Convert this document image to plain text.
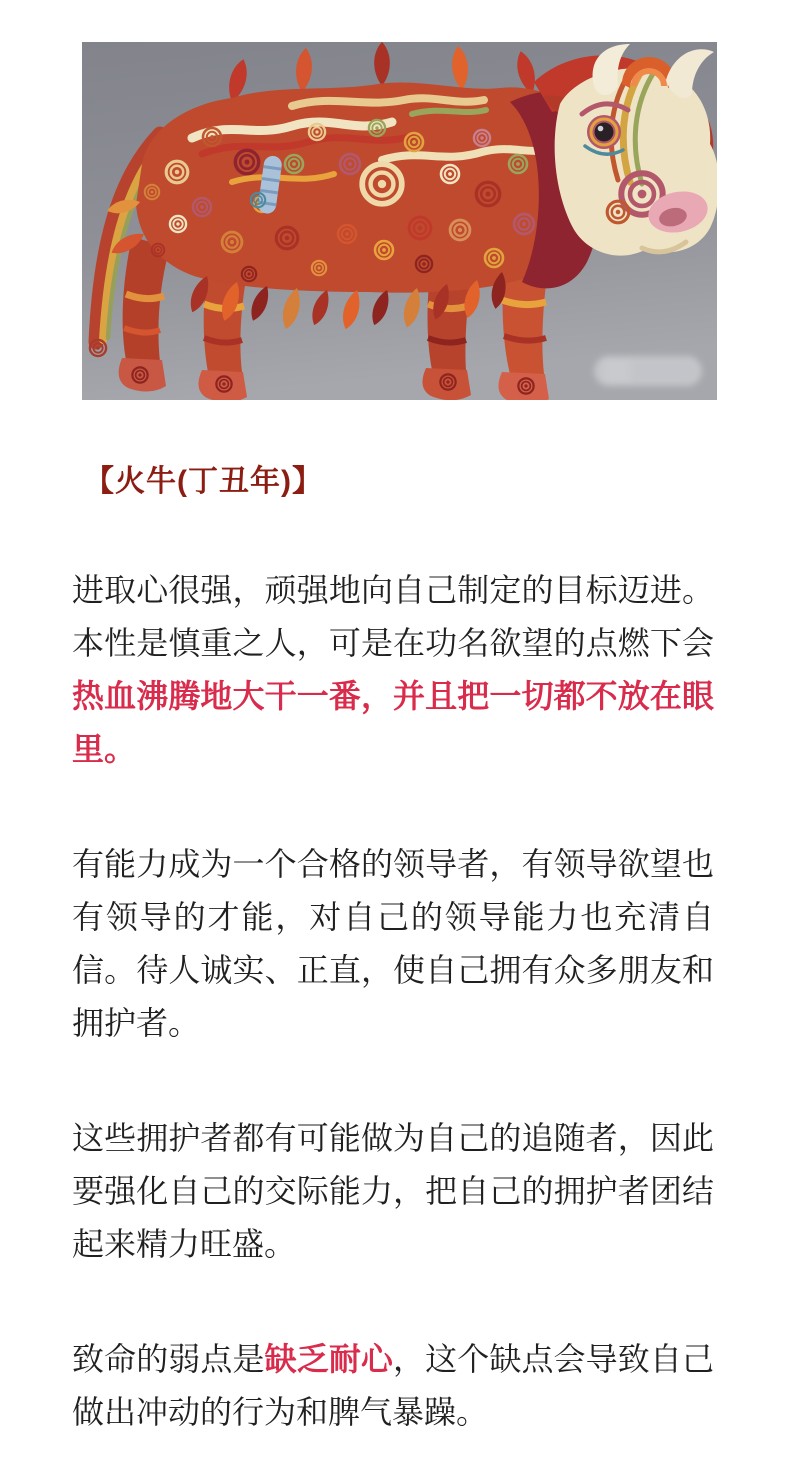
【火牛(丁丑年)】

进取心很强，顽强地向自己制定的目标迈进。本性是慎重之人，可是在功名欲望的点燃下会热血沸腾地大干一番，并且把一切都不放在眼里。

有能力成为一个合格的领导者，有领导欲望也有领导的才能，对自己的领导能力也充清自信。待人诚实、正直，使自己拥有众多朋友和拥护者。

这些拥护者都有可能做为自己的追随者，因此要强化自己的交际能力，把自己的拥护者团结起来精力旺盛。

致命的弱点是缺乏耐心，这个缺点会导致自己做出冲动的行为和脾气暴躁。
